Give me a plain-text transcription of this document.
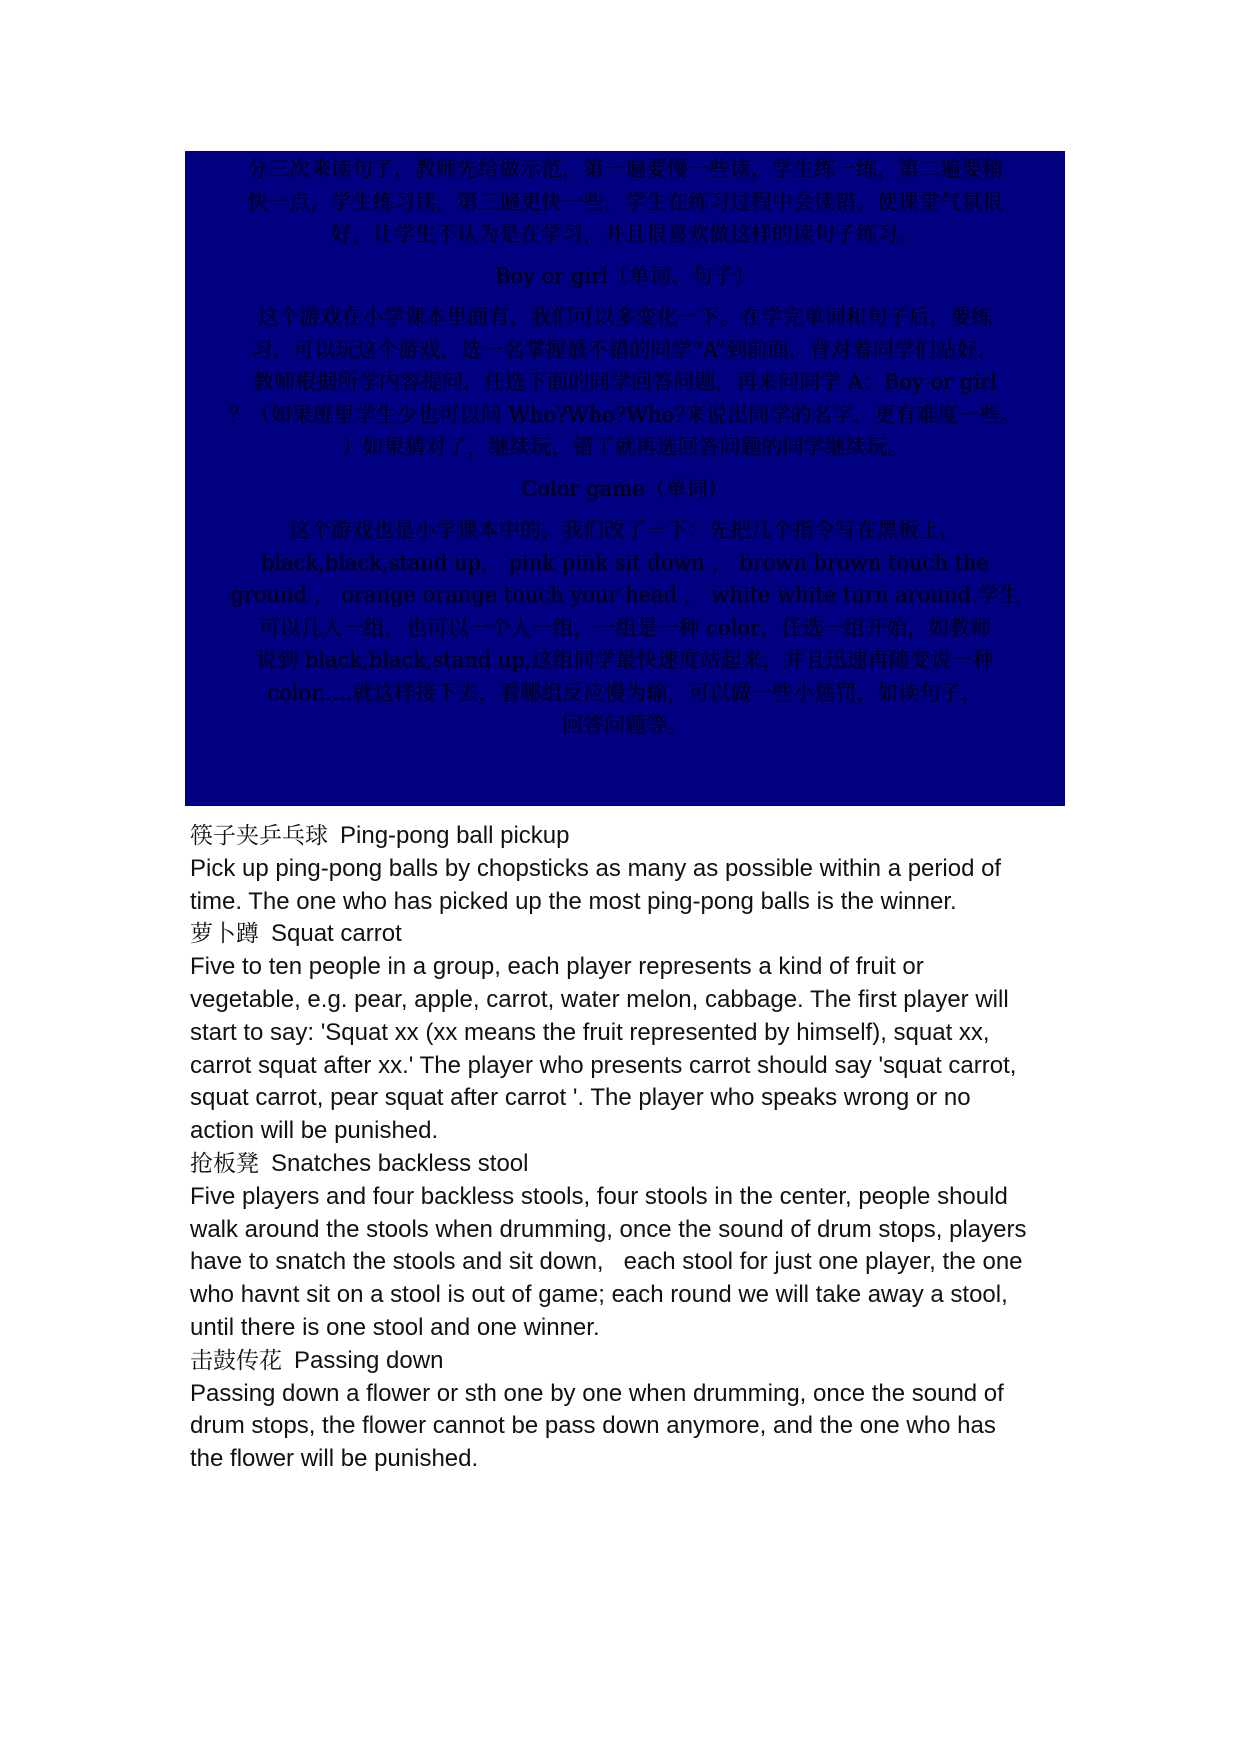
分三次来读句子，教师先给做示范，第一遍要慢一些读，学生练一练，第二遍要稍
快一点，学生练习读，第三遍更快一些，学生在练习过程中会读错，使课堂气氛很
好，让学生不认为是在学习，并且很喜欢做这样的读句子练习。

Boy or girl（单词、句子）

这个游戏在小学课本里面有，我们可以多变化一下。在学完单词和句子后，要练
习，可以玩这个游戏，选一名掌握最不错的同学“A”到前面，背对着同学们站好，
教师根据所学内容提问，任选下面的同学回答问题，再来问同学 A：Boy or girl
？（如果班里学生少也可以问 Who?Who?Who?来说出同学的名字，更有难度一些。
）如果猜对了，继续玩，错了就再选回答问题的同学继续玩。

Color game（单词）

这个游戏也是小学课本中的，我们改了一下：先把几个指令写在黑板上，
black,black,stand up， pink pink sit down ， brown brown touch the
ground ， orange orange touch your head ， white white turn around.学生
可以几人一组，也可以一个人一组，一组是一种 color，任选一组开始，如教师
说到 black,black,stand up,这组同学最快速度站起来，并且迅速再随变说一种
color.....就这样接下去，看哪组反应慢为输，可以做一些小惩罚，如读句子，
回答问题等。

筷子夹乒乓球 Ping-pong ball pickup
Pick up ping-pong balls by chopsticks as many as possible within a period of
time. The one who has picked up the most ping-pong balls is the winner.
萝卜蹲 Squat carrot
Five to ten people in a group, each player represents a kind of fruit or
vegetable, e.g. pear, apple, carrot, water melon, cabbage. The first player will
start to say: 'Squat xx (xx means the fruit represented by himself), squat xx,
carrot squat after xx.' The player who presents carrot should say 'squat carrot,
squat carrot, pear squat after carrot '. The player who speaks wrong or no
action will be punished.
抢板凳 Snatches backless stool
Five players and four backless stools, four stools in the center, people should
walk around the stools when drumming, once the sound of drum stops, players
have to snatch the stools and sit down,   each stool for just one player, the one
who havnt sit on a stool is out of game; each round we will take away a stool,
until there is one stool and one winner.
击鼓传花 Passing down
Passing down a flower or sth one by one when drumming, once the sound of
drum stops, the flower cannot be pass down anymore, and the one who has
the flower will be punished.
